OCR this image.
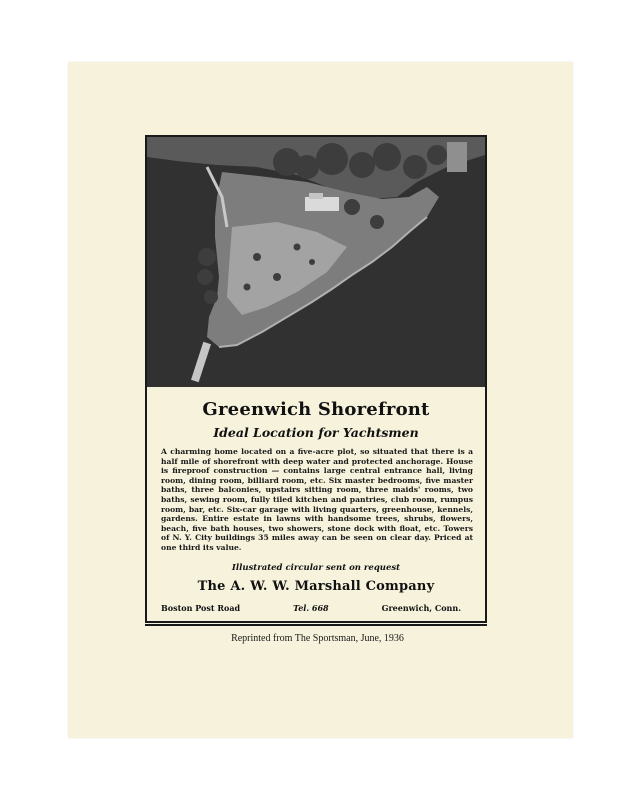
Greenwich Shorefront
Ideal Location for Yachtsmen

A charming home located on a five-acre plot, so situated that there is a half mile of shorefront with deep water and protected anchorage. House is fireproof construction — contains large central entrance hall, living room, dining room, billiard room, etc. Six master bedrooms, five master baths, three balconies, upstairs sitting room, three maids' rooms, two baths, sewing room, fully tiled kitchen and pantries, club room, rumpus room, bar, etc. Six-car garage with living quarters, greenhouse, kennels, gardens. Entire estate in lawns with handsome trees, shrubs, flowers, beach, five bath houses, two showers, stone dock with float, etc. Towers of N. Y. City buildings 35 miles away can be seen on clear day. Priced at one third its value.

Illustrated circular sent on request
The A. W. W. Marshall Company
Boston Post Road	Tel. 668	Greenwich, Conn.
Reprinted from The Sportsman, June, 1936
